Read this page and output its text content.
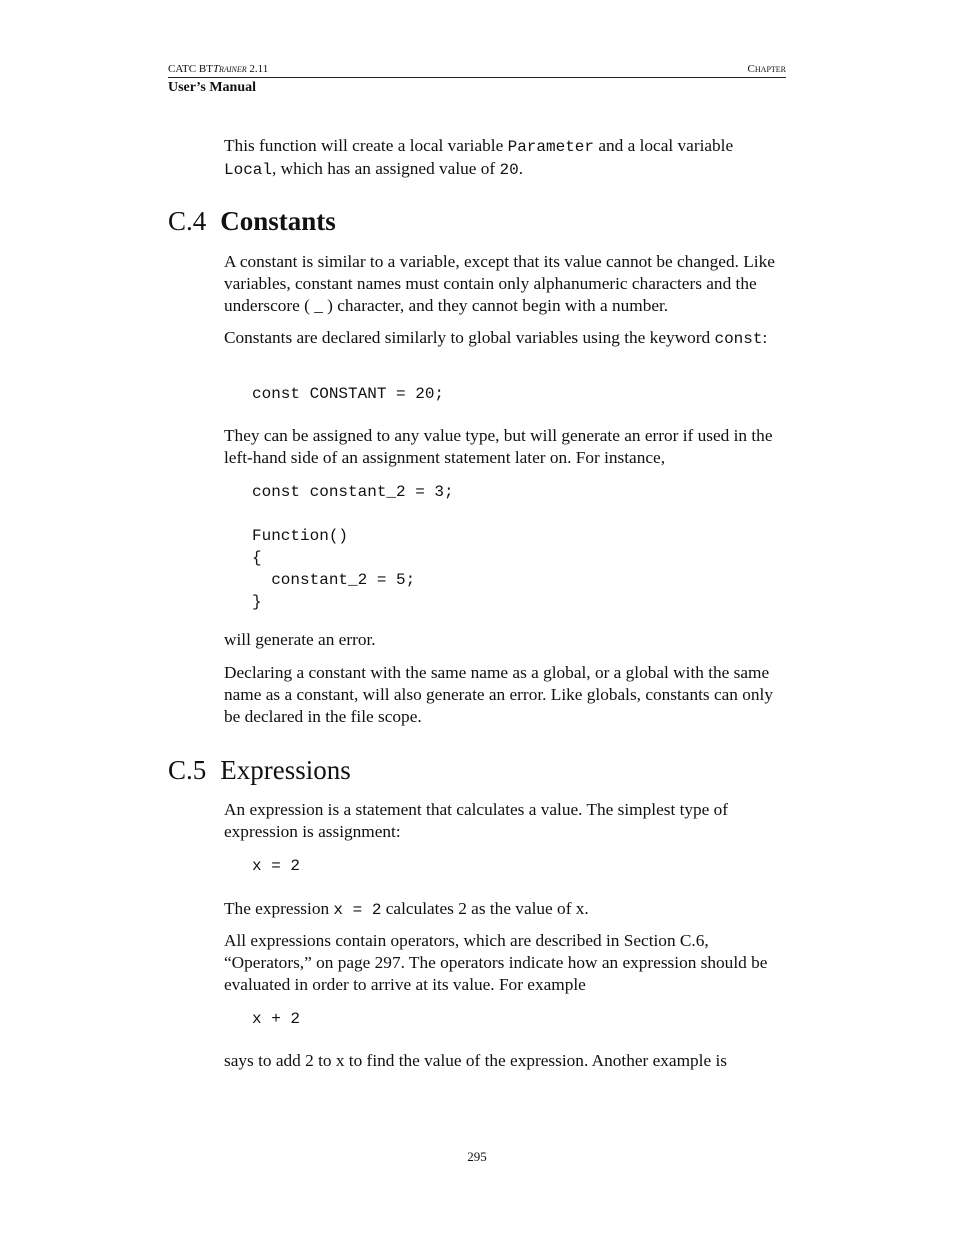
CATC BTTrainer 2.11	Chapter
User’s Manual

This function will create a local variable Parameter and a local variable Local, which has an assigned value of 20.

C.4 Constants

A constant is similar to a variable, except that its value cannot be changed. Like variables, constant names must contain only alphanumeric characters and the underscore ( _ ) character, and they cannot begin with a number.

Constants are declared similarly to global variables using the keyword const:

const CONSTANT = 20;

They can be assigned to any value type, but will generate an error if used in the left-hand side of an assignment statement later on. For instance,

const constant_2 = 3;

Function()
{
constant_2 = 5;
}

will generate an error.

Declaring a constant with the same name as a global, or a global with the same name as a constant, will also generate an error. Like globals, constants can only be declared in the file scope.

C.5 Expressions

An expression is a statement that calculates a value. The simplest type of expression is assignment:

x = 2

The expression x = 2 calculates 2 as the value of x.

All expressions contain operators, which are described in Section C.6, “Operators,” on page 297. The operators indicate how an expression should be evaluated in order to arrive at its value. For example

x + 2

says to add 2 to x to find the value of the expression. Another example is

295
